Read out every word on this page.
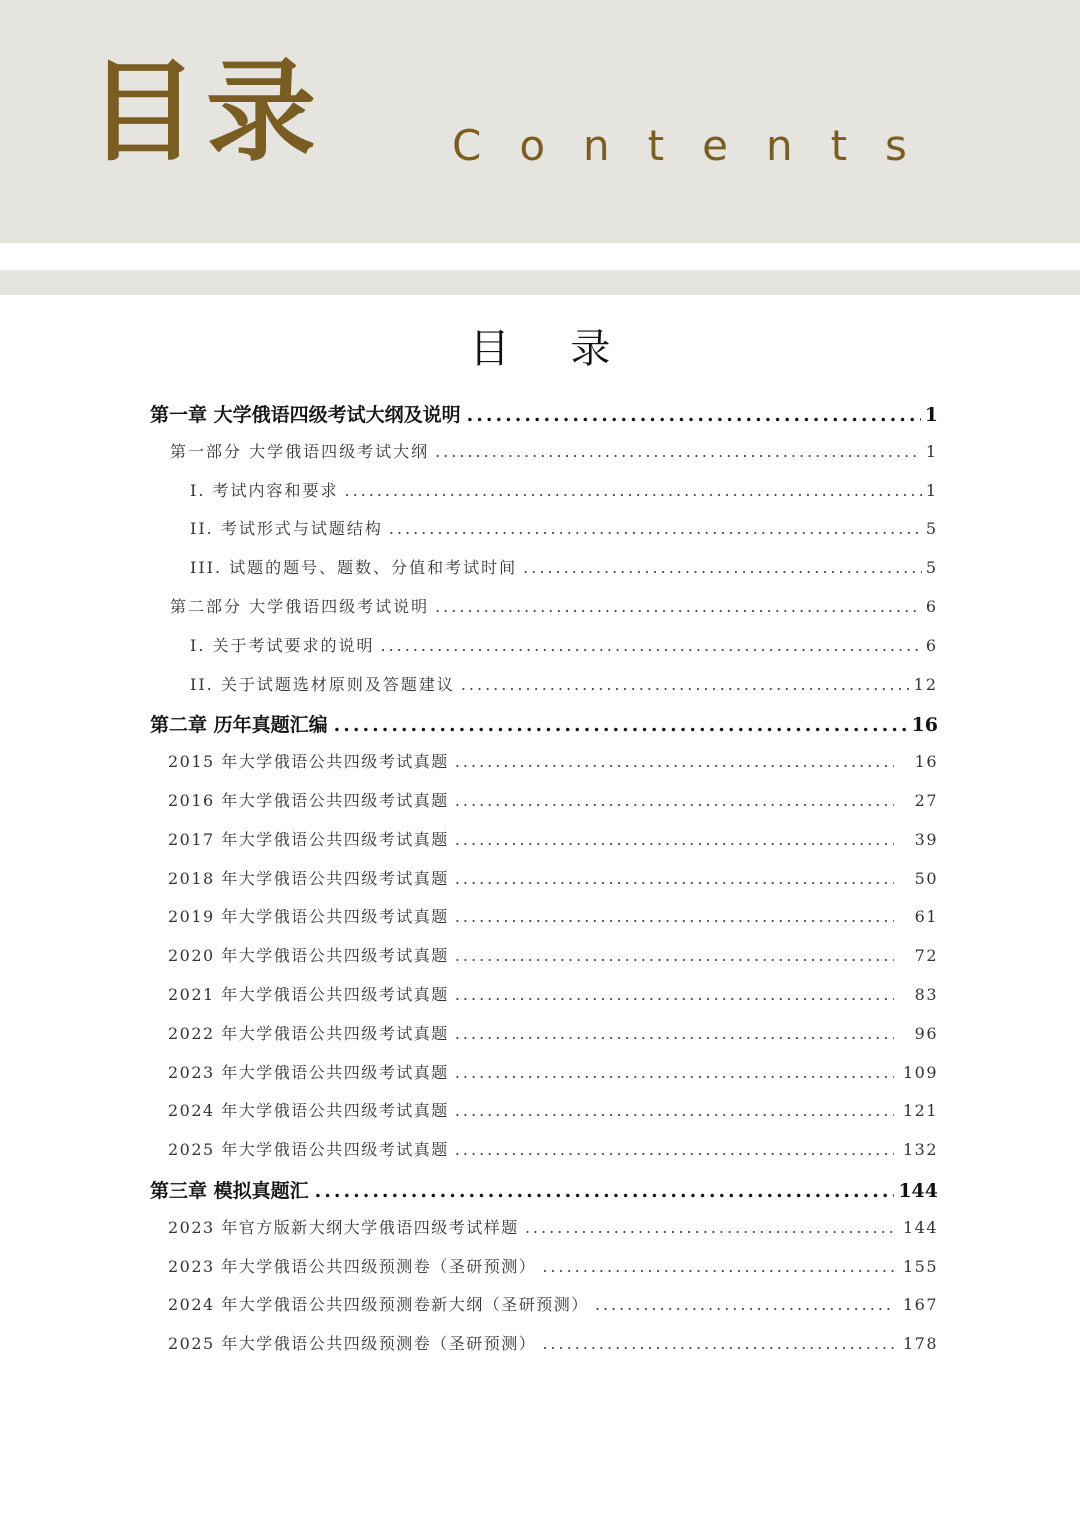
目录	Contents
目 录
第一章 大学俄语四级考试大纲及说明 .....	1
第一部分 大学俄语四级考试大纲 .....	1
I. 考试内容和要求 .....	1
II. 考试形式与试题结构 .....	5
III. 试题的题号、题数、分值和考试时间 .....	5
第二部分 大学俄语四级考试说明 .....	6
I. 关于考试要求的说明 .....	6
II. 关于试题选材原则及答题建议 .....	12
第二章 历年真题汇编 .....	16
2015 年大学俄语公共四级考试真题 .....	16
2016 年大学俄语公共四级考试真题 .....	27
2017 年大学俄语公共四级考试真题 .....	39
2018 年大学俄语公共四级考试真题 .....	50
2019 年大学俄语公共四级考试真题 .....	61
2020 年大学俄语公共四级考试真题 .....	72
2021 年大学俄语公共四级考试真题 .....	83
2022 年大学俄语公共四级考试真题 .....	96
2023 年大学俄语公共四级考试真题 .....	109
2024 年大学俄语公共四级考试真题 .....	121
2025 年大学俄语公共四级考试真题 .....	132
第三章 模拟真题汇 .....	144
2023 年官方版新大纲大学俄语四级考试样题 .....	144
2023 年大学俄语公共四级预测卷（圣研预测） .....	155
2024 年大学俄语公共四级预测卷新大纲（圣研预测） .....	167
2025 年大学俄语公共四级预测卷（圣研预测） .....	178
